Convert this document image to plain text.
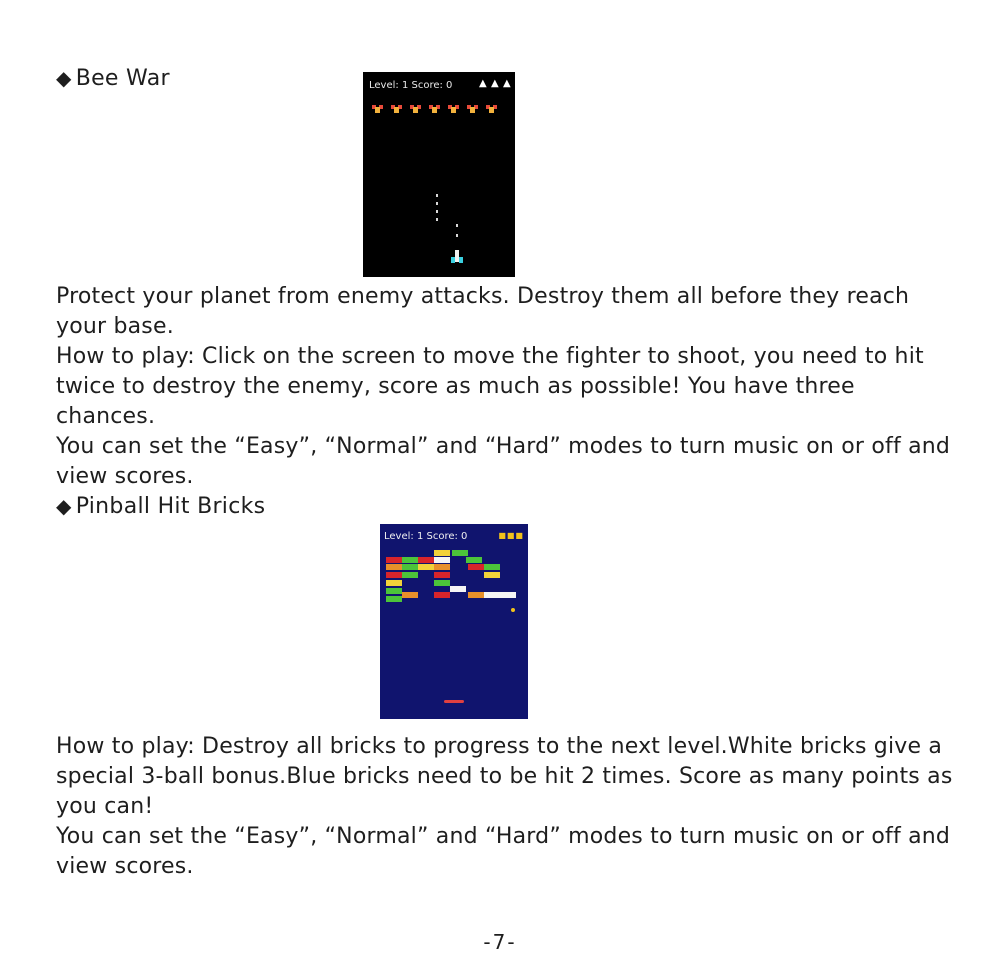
◆ Bee War	Level: 1 Score: 0	▲ ▲ ▲

Protect your planet from enemy attacks. Destroy them all before they reach your base.

How to play: Click on the screen to move the fighter to shoot, you need to hit twice to destroy the enemy, score as much as possible! You have three chances.

You can set the “Easy”, “Normal” and “Hard” modes to turn music on or off and view scores.

◆ Pinball Hit Bricks
Level: 1 Score: 0	■■■

How to play: Destroy all bricks to progress to the next level.White bricks give a special 3-ball bonus.Blue bricks need to be hit 2 times. Score as many points as you can!

You can set the “Easy”, “Normal” and “Hard” modes to turn music on or off and view scores.

-7-
